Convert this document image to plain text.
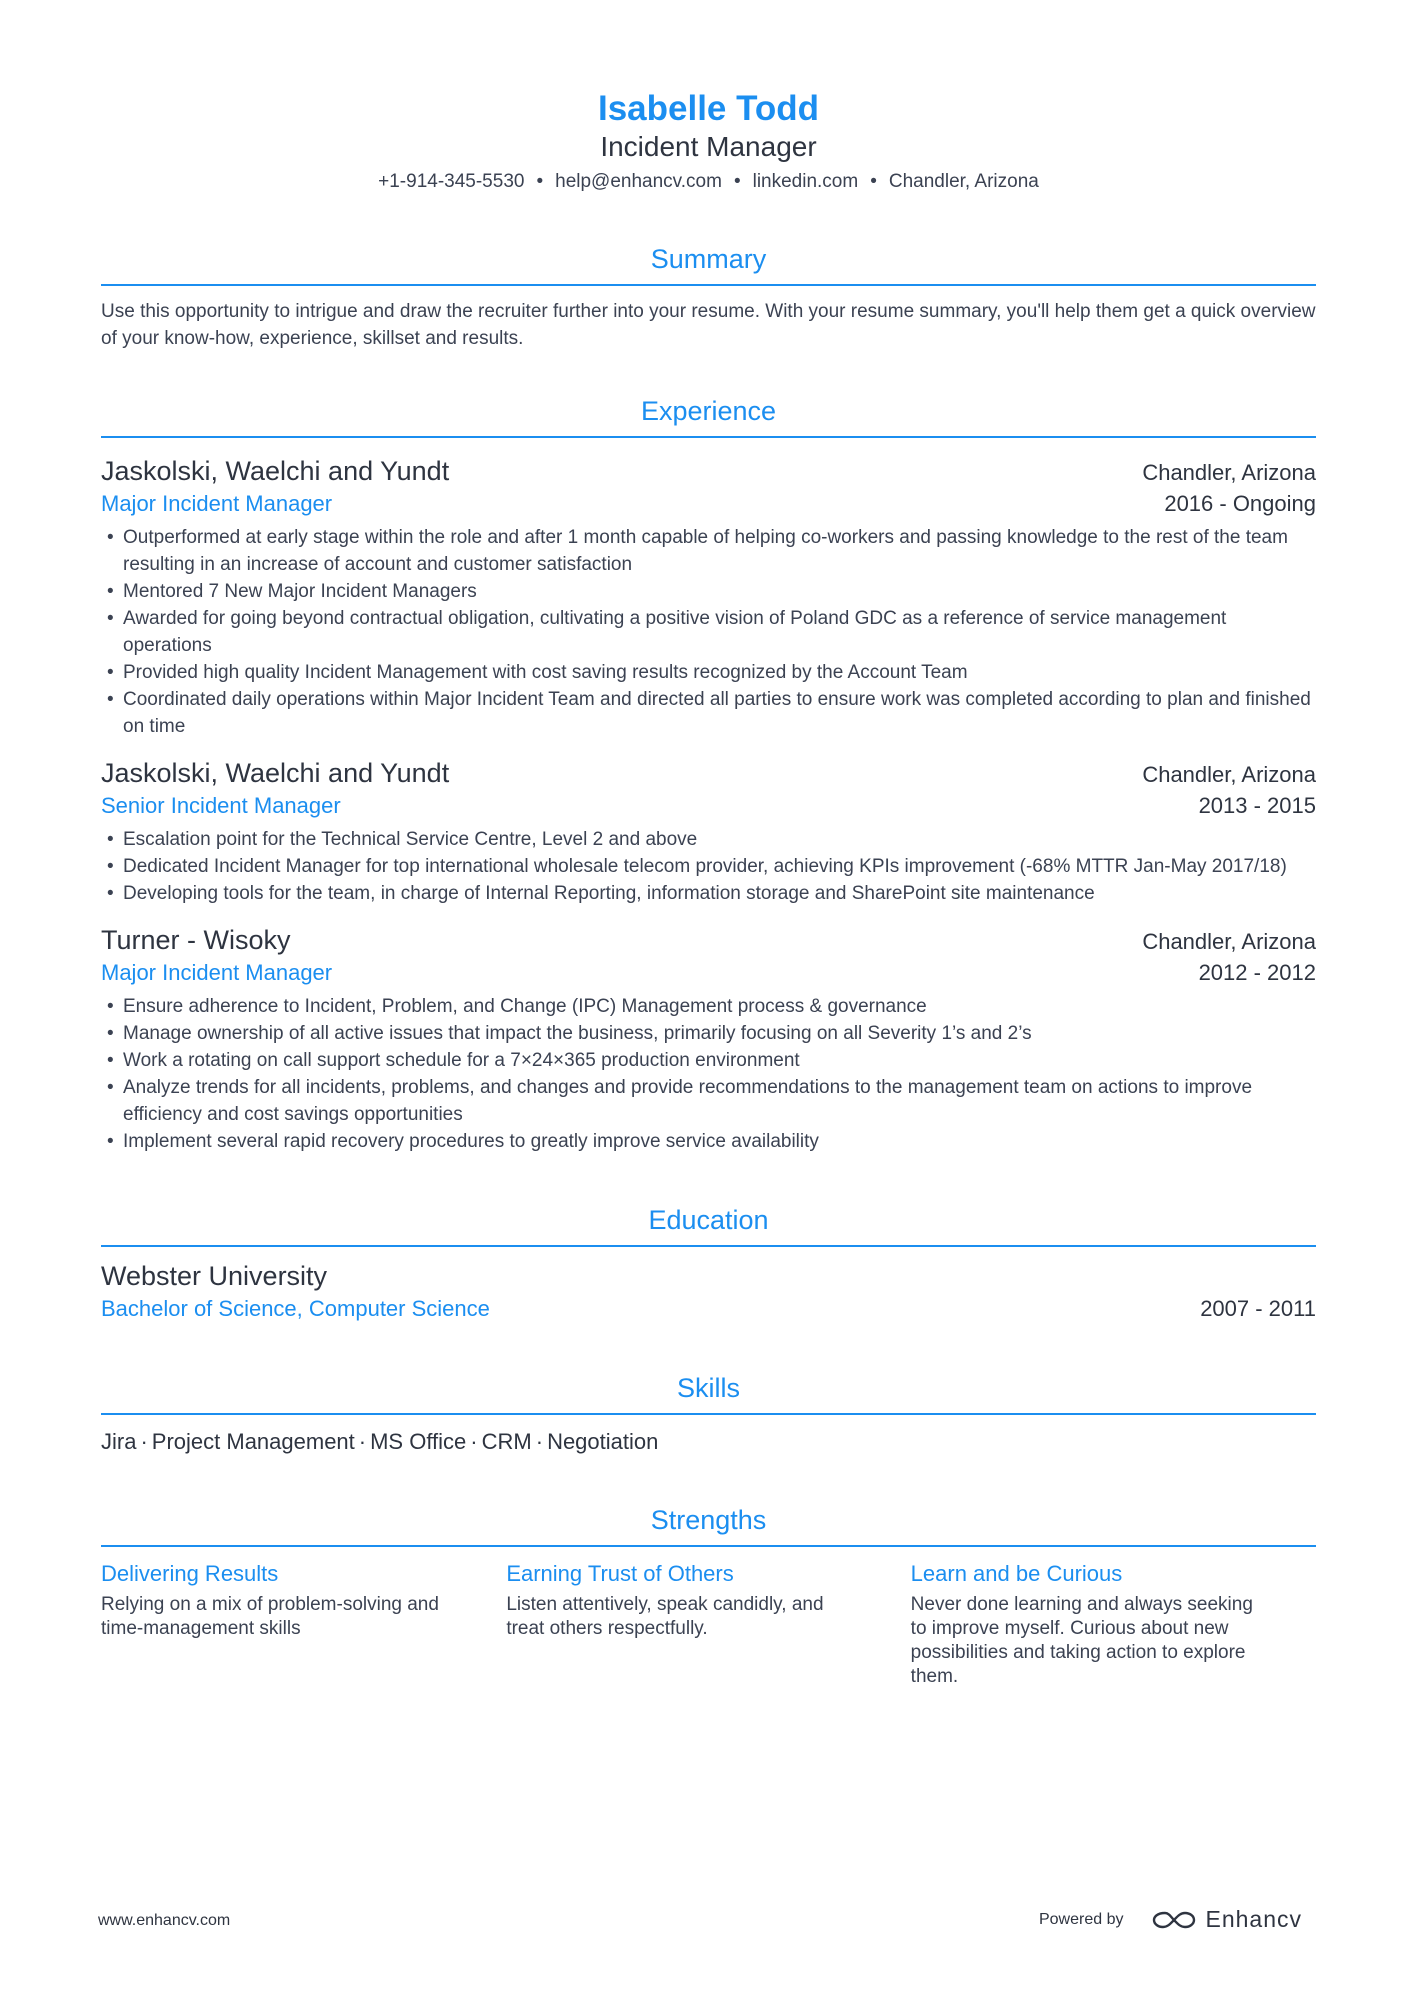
Isabelle Todd
Incident Manager
+1-914-345-5530 • help@enhancv.com • linkedin.com • Chandler, Arizona
Summary
Use this opportunity to intrigue and draw the recruiter further into your resume. With your resume summary, you'll help them get a quick overview of your know-how, experience, skillset and results.
Experience
Jaskolski, Waelchi and Yundt	Chandler, Arizona
Major Incident Manager	2016 - Ongoing
• Outperformed at early stage within the role and after 1 month capable of helping co-workers and passing knowledge to the rest of the team resulting in an increase of account and customer satisfaction
• Mentored 7 New Major Incident Managers
• Awarded for going beyond contractual obligation, cultivating a positive vision of Poland GDC as a reference of service management operations
• Provided high quality Incident Management with cost saving results recognized by the Account Team
• Coordinated daily operations within Major Incident Team and directed all parties to ensure work was completed according to plan and finished on time
Jaskolski, Waelchi and Yundt	Chandler, Arizona
Senior Incident Manager	2013 - 2015
• Escalation point for the Technical Service Centre, Level 2 and above
• Dedicated Incident Manager for top international wholesale telecom provider, achieving KPIs improvement (-68% MTTR Jan-May 2017/18)
• Developing tools for the team, in charge of Internal Reporting, information storage and SharePoint site maintenance
Turner - Wisoky	Chandler, Arizona
Major Incident Manager	2012 - 2012
• Ensure adherence to Incident, Problem, and Change (IPC) Management process & governance
• Manage ownership of all active issues that impact the business, primarily focusing on all Severity 1’s and 2’s
• Work a rotating on call support schedule for a 7×24×365 production environment
• Analyze trends for all incidents, problems, and changes and provide recommendations to the management team on actions to improve efficiency and cost savings opportunities
• Implement several rapid recovery procedures to greatly improve service availability
Education
Webster University
Bachelor of Science, Computer Science	2007 - 2011
Skills
Jira · Project Management · MS Office · CRM · Negotiation
Strengths
Delivering Results
Relying on a mix of problem-solving and time-management skills
Earning Trust of Others
Listen attentively, speak candidly, and treat others respectfully.
Learn and be Curious
Never done learning and always seeking to improve myself. Curious about new possibilities and taking action to explore them.
www.enhancv.com	Powered by	Enhancv
